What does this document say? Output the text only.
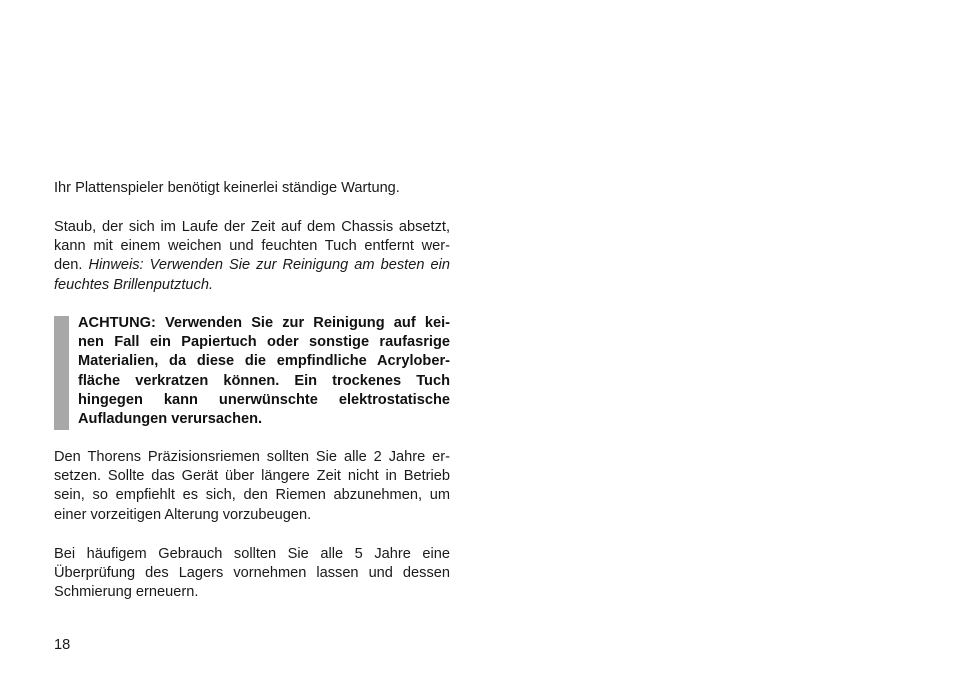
Ihr Plattenspieler benötigt keinerlei ständige Wartung.
Staub, der sich im Laufe der Zeit auf dem Chassis absetzt,
kann mit einem weichen und feuchten Tuch entfernt wer-
den. Hinweis: Verwenden Sie zur Reinigung am besten ein
feuchtes Brillenputztuch.
ACHTUNG: Verwenden Sie zur Reinigung auf kei-
nen Fall ein Papiertuch oder sonstige raufasrige
Materialien, da diese die empfindliche Acrylober-
fläche verkratzen können. Ein trockenes Tuch
hingegen kann unerwünschte elektrostatische
Aufladungen verursachen.
Den Thorens Präzisionsriemen sollten Sie alle 2 Jahre er-
setzen. Sollte das Gerät über längere Zeit nicht in Betrieb
sein, so empfiehlt es sich, den Riemen abzunehmen, um
einer vorzeitigen Alterung vorzubeugen.
Bei häufigem Gebrauch sollten Sie alle 5 Jahre eine
Überprüfung des Lagers vornehmen lassen und dessen
Schmierung erneuern.
18
